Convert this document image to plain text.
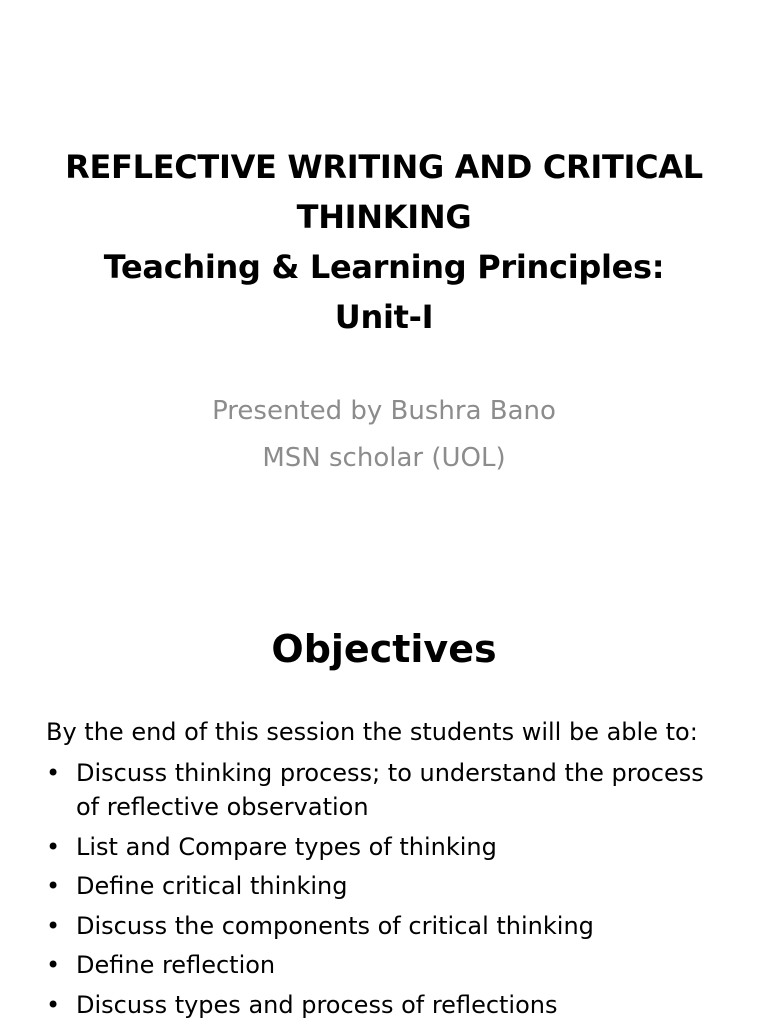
REFLECTIVE WRITING AND CRITICAL
THINKING
Teaching & Learning Principles:
Unit-I
Presented by Bushra Bano
MSN scholar (UOL)
Objectives
By the end of this session the students will be able to:
• Discuss thinking process; to understand the process of reflective observation
• List and Compare types of thinking
• Define critical thinking
• Discuss the components of critical thinking
• Define reflection
• Discuss types and process of reflections
